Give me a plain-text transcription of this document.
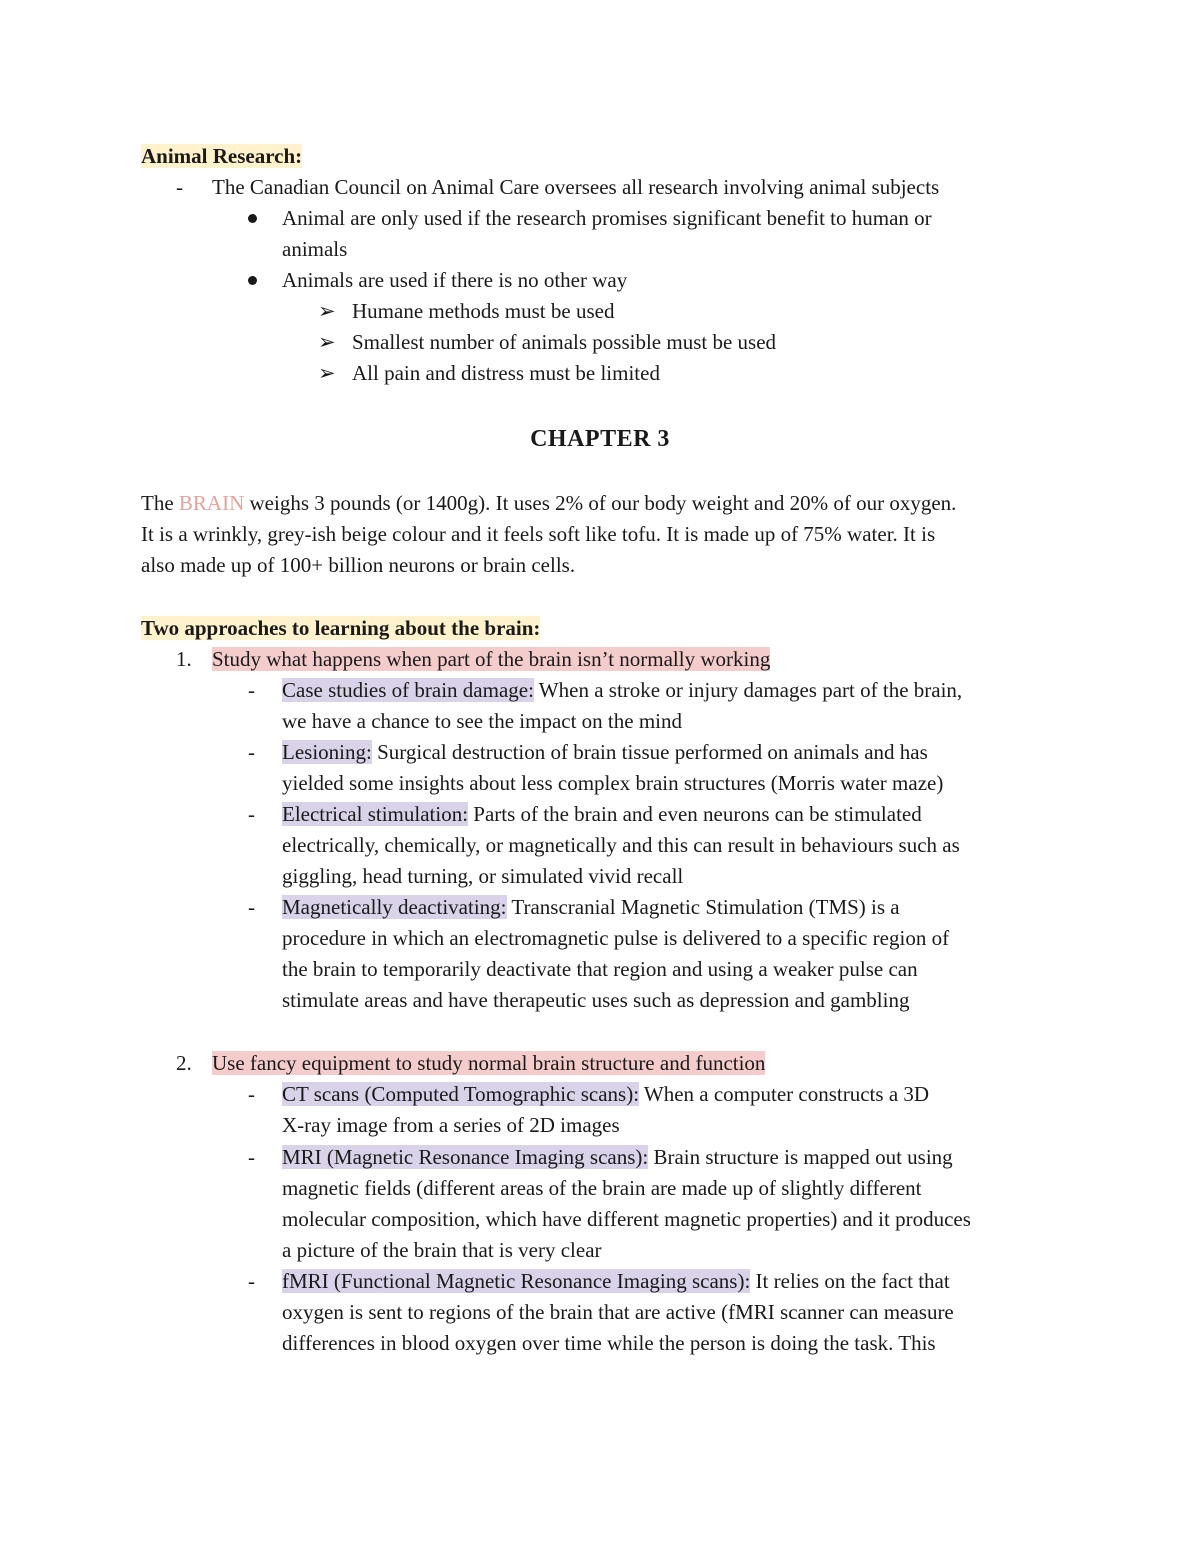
Animal Research:
- The Canadian Council on Animal Care oversees all research involving animal subjects
Animal are only used if the research promises significant benefit to human or
animals
Animals are used if there is no other way
➢ Humane methods must be used
➢ Smallest number of animals possible must be used
➢ All pain and distress must be limited
CHAPTER 3
The BRAIN weighs 3 pounds (or 1400g). It uses 2% of our body weight and 20% of our oxygen.
It is a wrinkly, grey-ish beige colour and it feels soft like tofu. It is made up of 75% water. It is
also made up of 100+ billion neurons or brain cells.
Two approaches to learning about the brain:
1. Study what happens when part of the brain isn’t normally working
- Case studies of brain damage: When a stroke or injury damages part of the brain,
we have a chance to see the impact on the mind
- Lesioning: Surgical destruction of brain tissue performed on animals and has
yielded some insights about less complex brain structures (Morris water maze)
- Electrical stimulation: Parts of the brain and even neurons can be stimulated
electrically, chemically, or magnetically and this can result in behaviours such as
giggling, head turning, or simulated vivid recall
- Magnetically deactivating: Transcranial Magnetic Stimulation (TMS) is a
procedure in which an electromagnetic pulse is delivered to a specific region of
the brain to temporarily deactivate that region and using a weaker pulse can
stimulate areas and have therapeutic uses such as depression and gambling
2. Use fancy equipment to study normal brain structure and function
- CT scans (Computed Tomographic scans): When a computer constructs a 3D
X-ray image from a series of 2D images
- MRI (Magnetic Resonance Imaging scans): Brain structure is mapped out using
magnetic fields (different areas of the brain are made up of slightly different
molecular composition, which have different magnetic properties) and it produces
a picture of the brain that is very clear
- fMRI (Functional Magnetic Resonance Imaging scans): It relies on the fact that
oxygen is sent to regions of the brain that are active (fMRI scanner can measure
differences in blood oxygen over time while the person is doing the task. This
